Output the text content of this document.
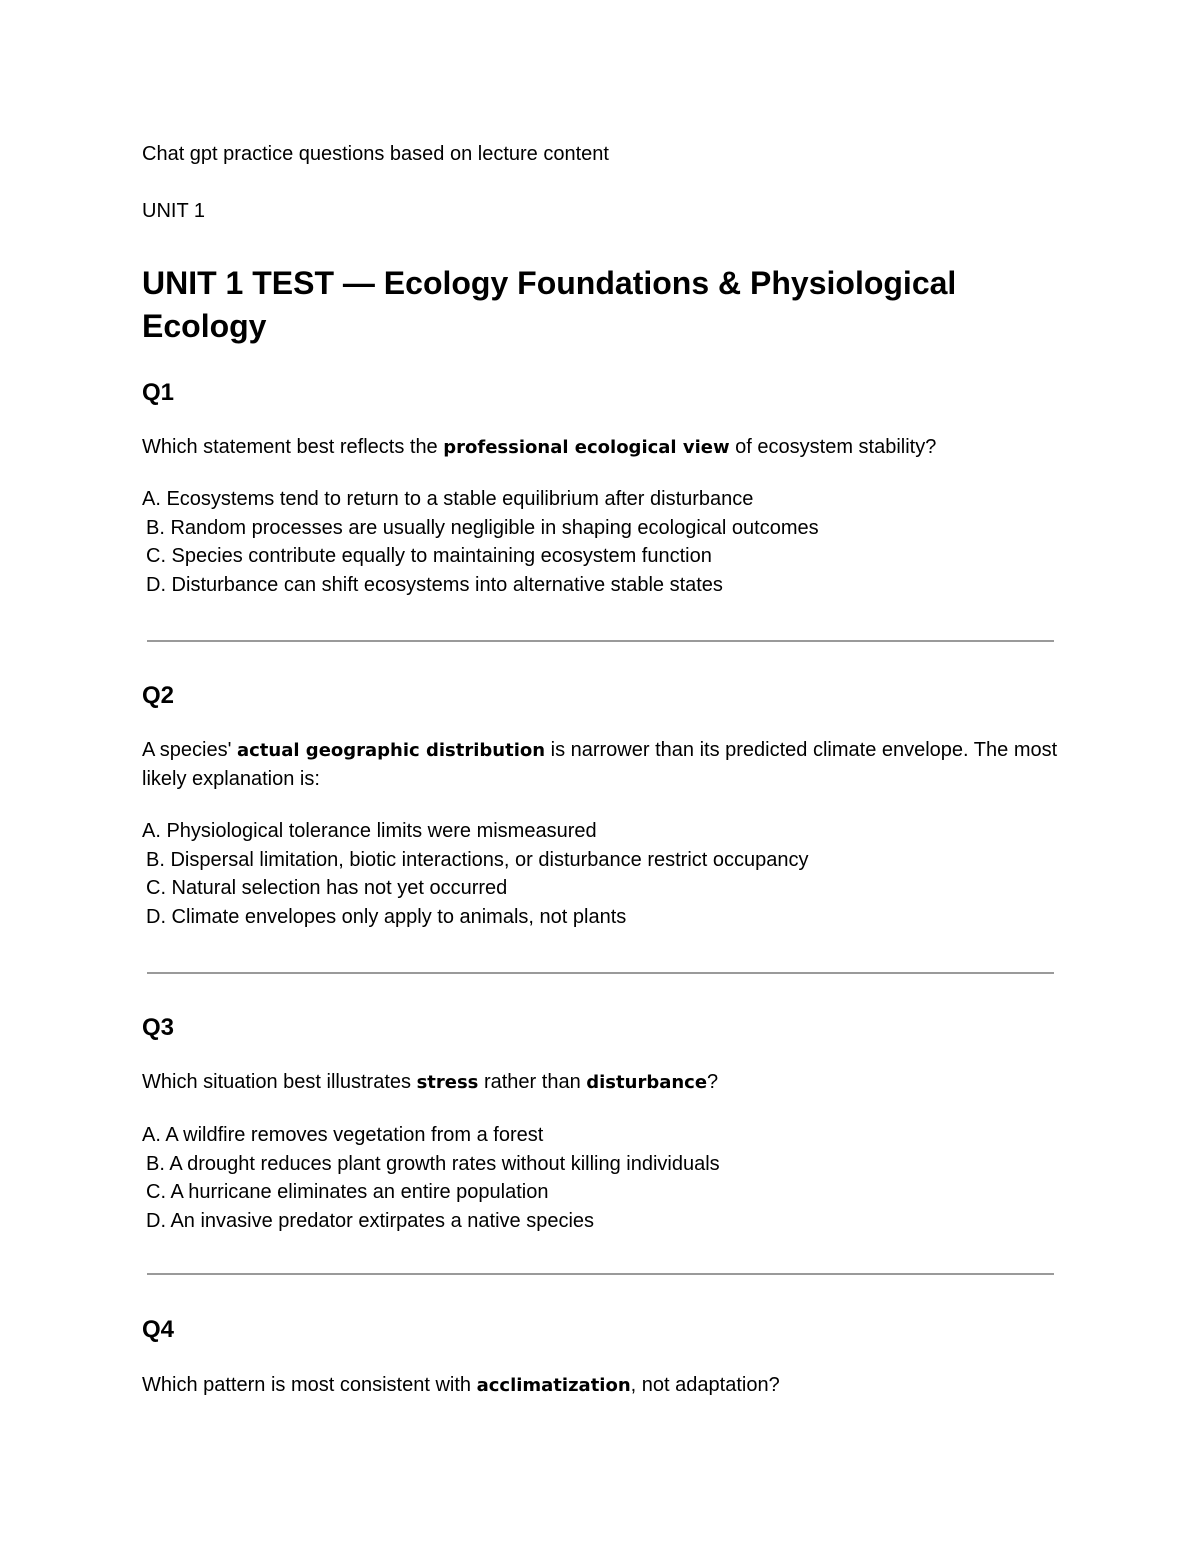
Chat gpt practice questions based on lecture content
UNIT 1
UNIT 1 TEST — Ecology Foundations & Physiological Ecology
Q1

Which statement best reflects the professional ecological view of ecosystem stability?

A. Ecosystems tend to return to a stable equilibrium after disturbance
B. Random processes are usually negligible in shaping ecological outcomes
C. Species contribute equally to maintaining ecosystem function
D. Disturbance can shift ecosystems into alternative stable states
Q2

A species' actual geographic distribution is narrower than its predicted climate envelope. The most likely explanation is:

A. Physiological tolerance limits were mismeasured
B. Dispersal limitation, biotic interactions, or disturbance restrict occupancy
C. Natural selection has not yet occurred
D. Climate envelopes only apply to animals, not plants
Q3

Which situation best illustrates stress rather than disturbance?

A. A wildfire removes vegetation from a forest
B. A drought reduces plant growth rates without killing individuals
C. A hurricane eliminates an entire population
D. An invasive predator extirpates a native species
Q4

Which pattern is most consistent with acclimatization, not adaptation?
